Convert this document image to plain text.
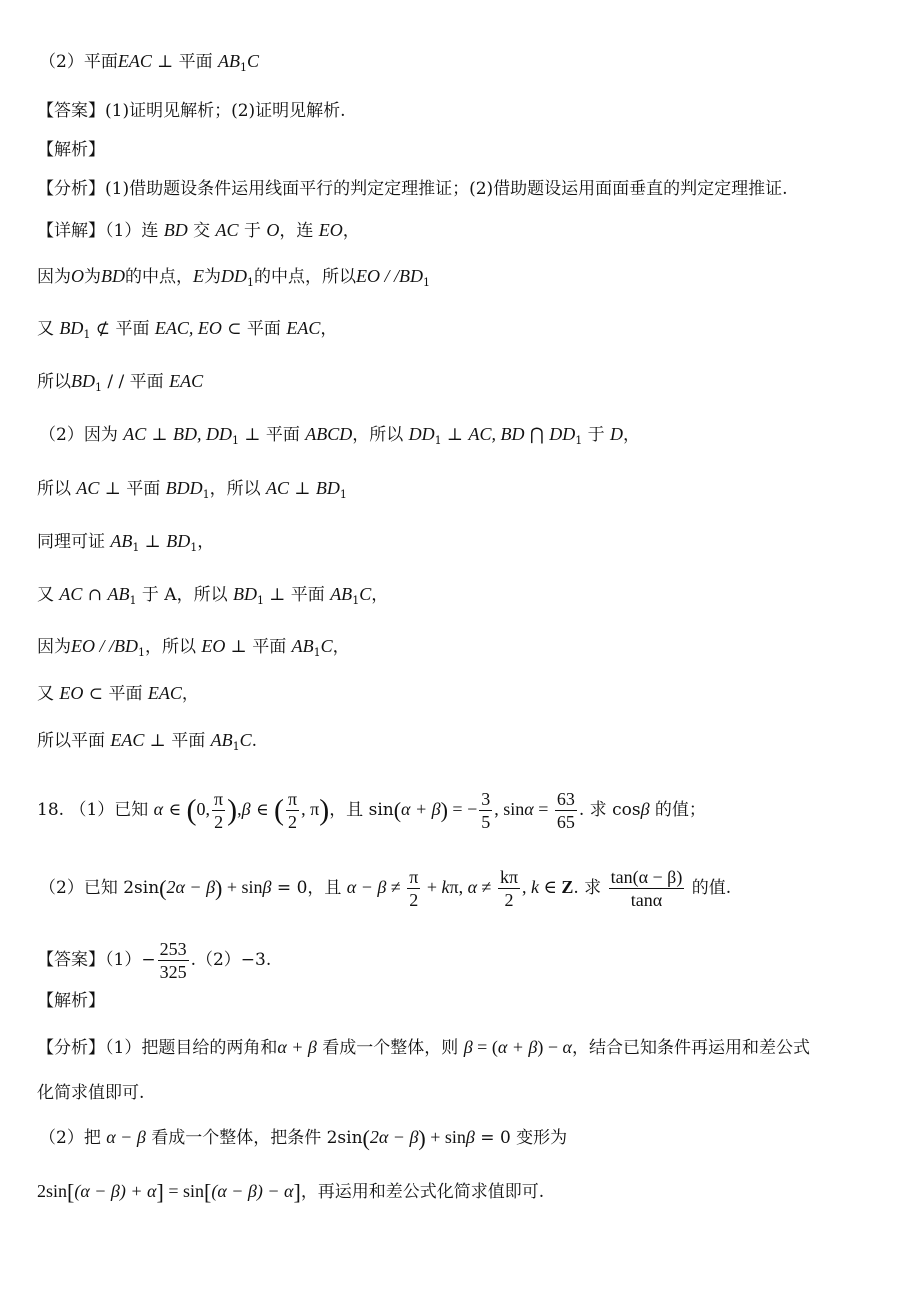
（2）平面EAC ⊥ 平面 $AB_1C$
【答案】(1)证明见解析；(2)证明见解析.
【解析】
【分析】(1)借助题设条件运用线面平行的判定定理推证；(2)借助题设运用面面垂直的判定定理推证.
【详解】（1）连 BD 交 AC 于 O，连 EO，
因为O为BD的中点，E为$DD_1$的中点，所以EO / $/BD_1$
又 $BD_1$ ⊄ 平面 EAC, EO ⊂ 平面 EAC，
所以$BD_1$ / / 平面 EAC
（2）因为 AC ⊥ BD, $DD_1$ ⊥ 平面 ABCD，所以 $DD_1$ ⊥ AC, BD ⋂ $DD_1$ 于 D，
所以 AC ⊥ 平面 $BDD_1$，所以 AC ⊥ $BD_1$
同理可证 $AB_1$ ⊥ $BD_1$，
又 AC ∩ $AB_1$ 于 A，所以 $BD_1$ ⊥ 平面 $AB_1C$，
因为EO / $/BD_1$，所以 EO ⊥ 平面 $AB_1C$，
又 EO ⊂ 平面 EAC，
所以平面 EAC ⊥ 平面 $AB_1C$.
18. （1）已知 α ∈ (0, $\frac{\pi}{2} ),\beta$ ∈ ( $\frac{\pi}{2}$ , π)，且 sin(α + β) = − $\frac{3}{5}$ , $\sin\alpha = \frac{63}{65}$ . 求 cosβ 的值；
（2）已知 2sin(2α − β) + sinβ = 0，且 $\alpha - \beta \ne \frac{\pi}{2} + k\pi$, $\alpha \ne \frac{k\pi}{2}$ , k ∈ Z. 求 $\frac{\tan(\alpha - \beta)}{\tan\alpha}$ 的值.
【答案】$(1)- \frac{253}{325} .(2)-3$.
【解析】
【分析】（1）把题目给的两角和α + β 看成一个整体，则 β = (α + β) − α，结合已知条件再运用和差公式
化简求值即可.
（2）把 α − β 看成一个整体，把条件 2sin(2α − β) + sinβ = 0 变形为
2sin[(α − β) + α] = sin[(α − β) − α]，再运用和差公式化简求值即可.
